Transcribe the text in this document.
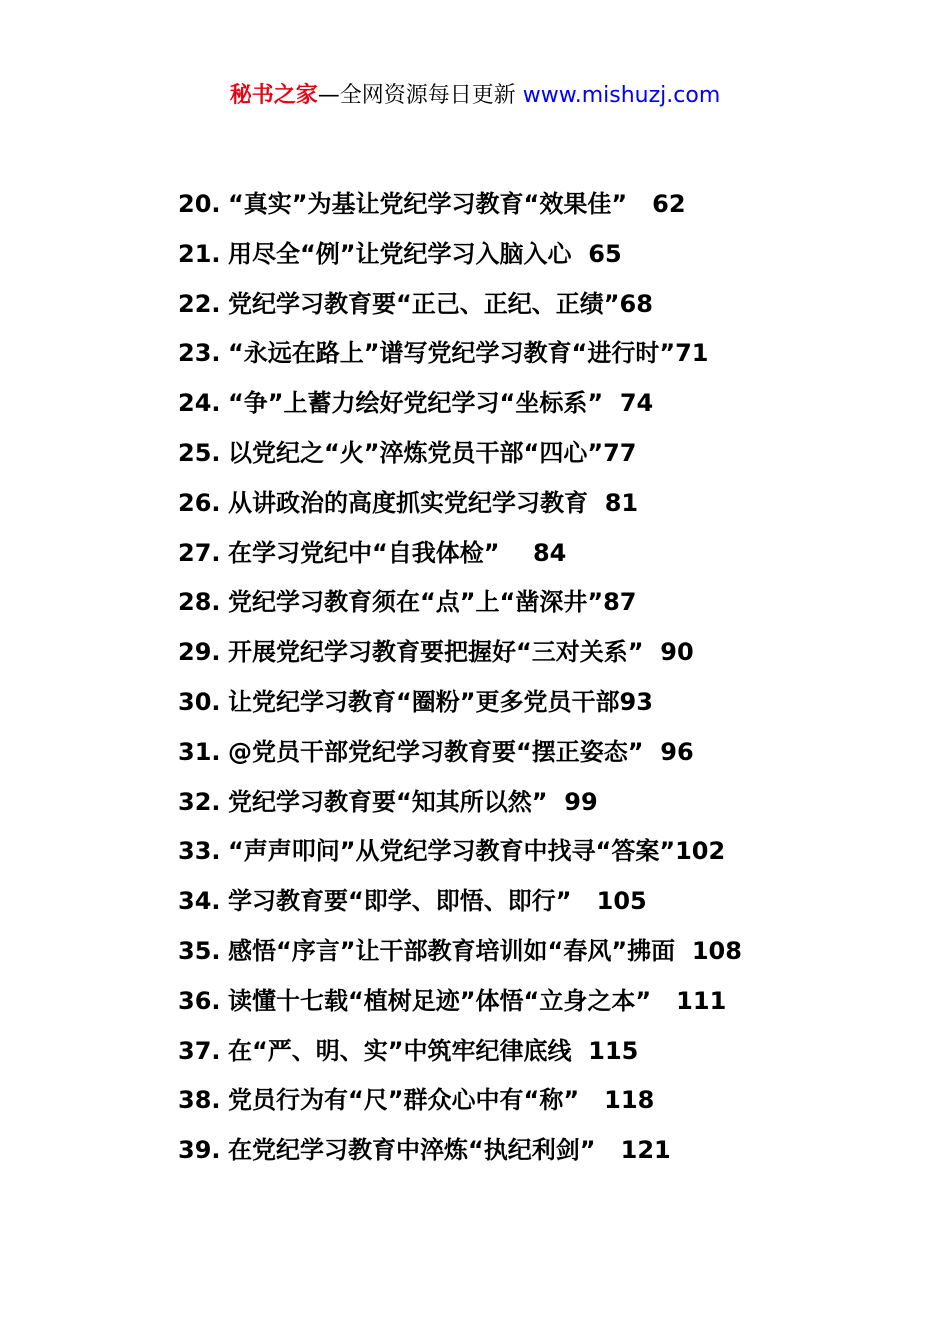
秘书之家—全网资源每日更新 www.mishuzj.com
20. “真实”为基让党纪学习教育“效果佳” 62
21. 用尽全“例”让党纪学习入脑入心 65
22. 党纪学习教育要“正己、正纪、正绩”68
23. “永远在路上”谱写党纪学习教育“进行时”71
24. “争”上蓄力绘好党纪学习“坐标系” 74
25. 以党纪之“火”淬炼党员干部“四心”77
26. 从讲政治的高度抓实党纪学习教育 81
27. 在学习党纪中“自我体检” 84
28. 党纪学习教育须在“点”上“凿深井”87
29. 开展党纪学习教育要把握好“三对关系” 90
30. 让党纪学习教育“圈粉”更多党员干部93
31. @党员干部党纪学习教育要“摆正姿态” 96
32. 党纪学习教育要“知其所以然” 99
33. “声声叩问”从党纪学习教育中找寻“答案”102
34. 学习教育要“即学、即悟、即行” 105
35. 感悟“序言”让干部教育培训如“春风”拂面 108
36. 读懂十七载“植树足迹”体悟“立身之本” 111
37. 在“严、明、实”中筑牢纪律底线 115
38. 党员行为有“尺”群众心中有“称” 118
39. 在党纪学习教育中淬炼“执纪利剑” 121
